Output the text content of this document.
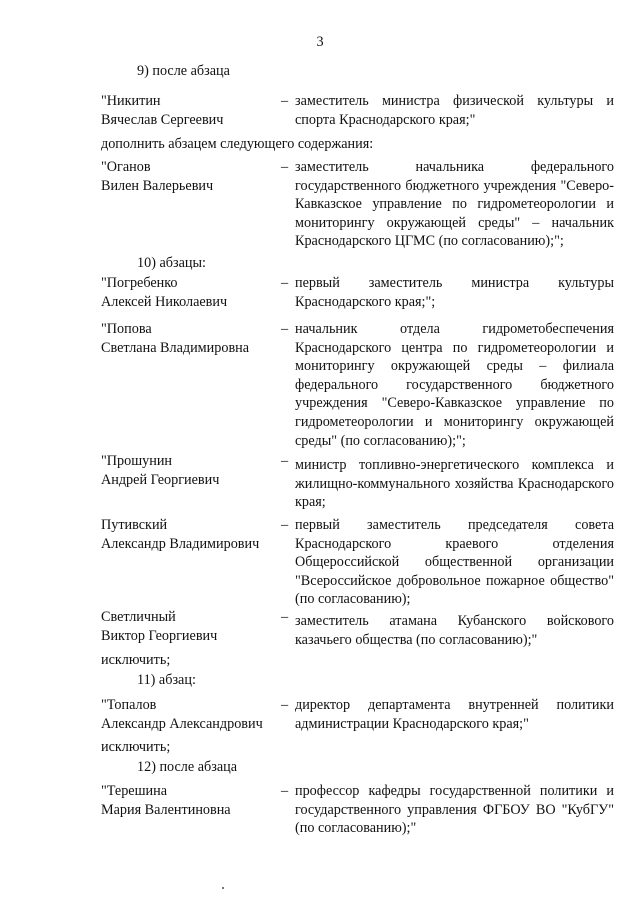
3
9) после абзаца
"Никитин
Вячеслав Сергеевич
– заместитель министра физической культуры и спорта Краснодарского края;"
дополнить абзацем следующего содержания:
"Оганов
Вилен Валерьевич
– заместитель начальника федерального государственного бюджетного учреждения "Северо-Кавказское управление по гидрометеорологии и мониторингу окружающей среды" – начальник Краснодарского ЦГМС (по согласованию);";
10) абзацы:
"Погребенко
Алексей Николаевич
– первый заместитель министра культуры Краснодарского края;";
"Попова
Светлана Владимировна
– начальник отдела гидрометобеспечения Краснодарского центра по гидрометеорологии и мониторингу окружающей среды – филиала федерального государственного бюджетного учреждения "Северо-Кавказское управление по гидрометеорологии и мониторингу окружающей среды" (по согласованию);";
"Прошунин
Андрей Георгиевич
– министр топливно-энергетического комплекса и жилищно-коммунального хозяйства Краснодарского края;
Путивский
Александр Владимирович
– первый заместитель председателя совета Краснодарского краевого отделения Общероссийской общественной организации "Всероссийское добровольное пожарное общество" (по согласованию);
Светличный
Виктор Георгиевич
– заместитель атамана Кубанского войскового казачьего общества (по согласованию);"
исключить;
11) абзац:
"Топалов
Александр Александрович
– директор департамента внутренней политики администрации Краснодарского края;"
исключить;
12) после абзаца
"Терешина
Мария Валентиновна
– профессор кафедры государственной политики и государственного управления ФГБОУ ВО "КубГУ" (по согласованию);"
